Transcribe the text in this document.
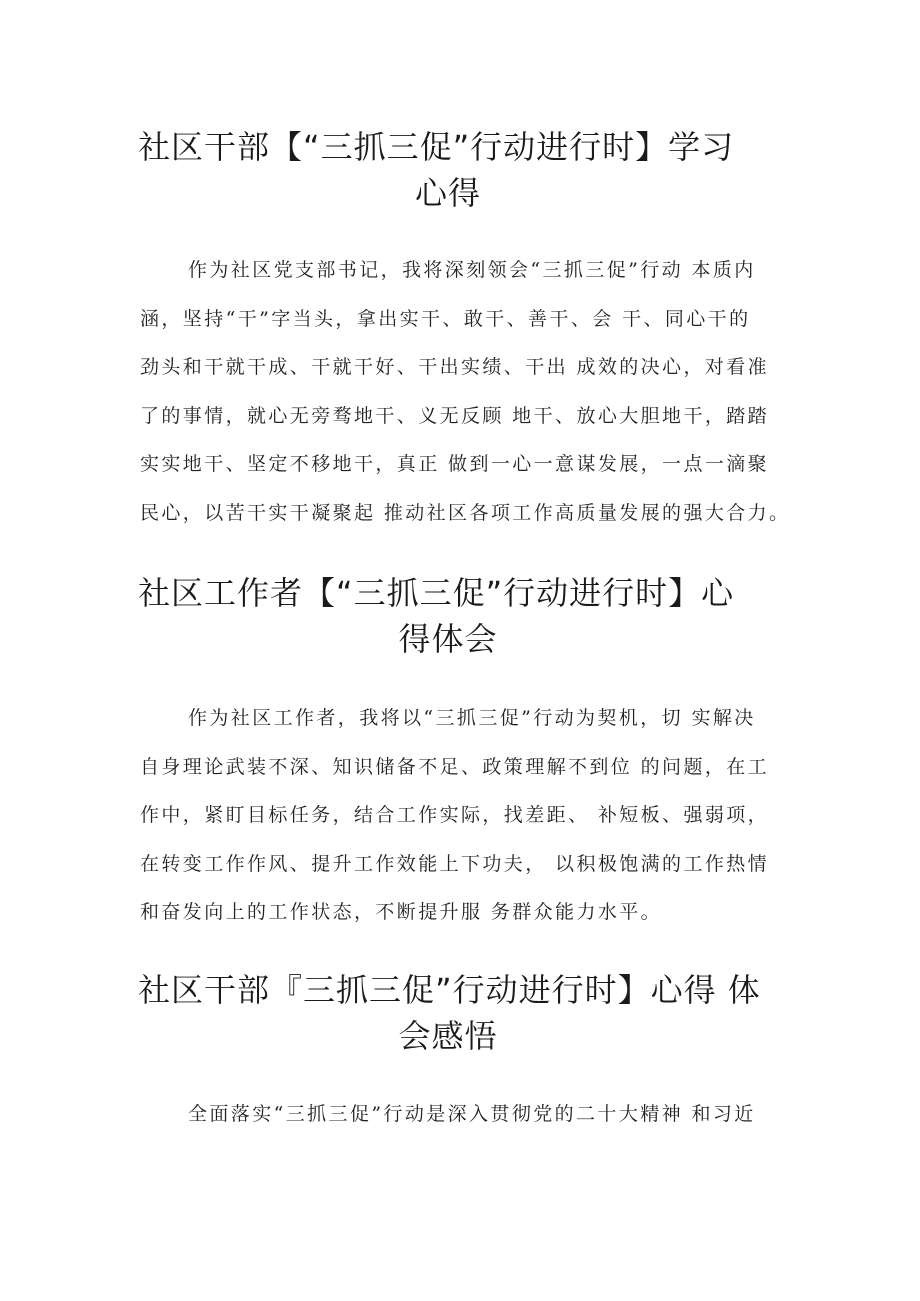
社区干部【“三抓三促”行动进行时】学习
心得
作为社区党支部书记，我将深刻领会“三抓三促”行动 本质内
涵，坚持“干”字当头，拿出实干、敢干、善干、会 干、同心干的
劲头和干就干成、干就干好、干出实绩、干出 成效的决心，对看准
了的事情，就心无旁骛地干、义无反顾 地干、放心大胆地干，踏踏
实实地干、坚定不移地干，真正 做到一心一意谋发展，一点一滴聚
民心，以苦干实干凝聚起 推动社区各项工作高质量发展的强大合力。
社区工作者【“三抓三促”行动进行时】心
得体会
作为社区工作者，我将以“三抓三促”行动为契机，切 实解决
自身理论武装不深、知识储备不足、政策理解不到位 的问题，在工
作中，紧盯目标任务，结合工作实际，找差距、 补短板、强弱项，
在转变工作作风、提升工作效能上下功夫， 以积极饱满的工作热情
和奋发向上的工作状态，不断提升服 务群众能力水平。
社区干部『三抓三促”行动进行时】心得 体
会感悟
全面落实“三抓三促”行动是深入贯彻党的二十大精神 和习近
